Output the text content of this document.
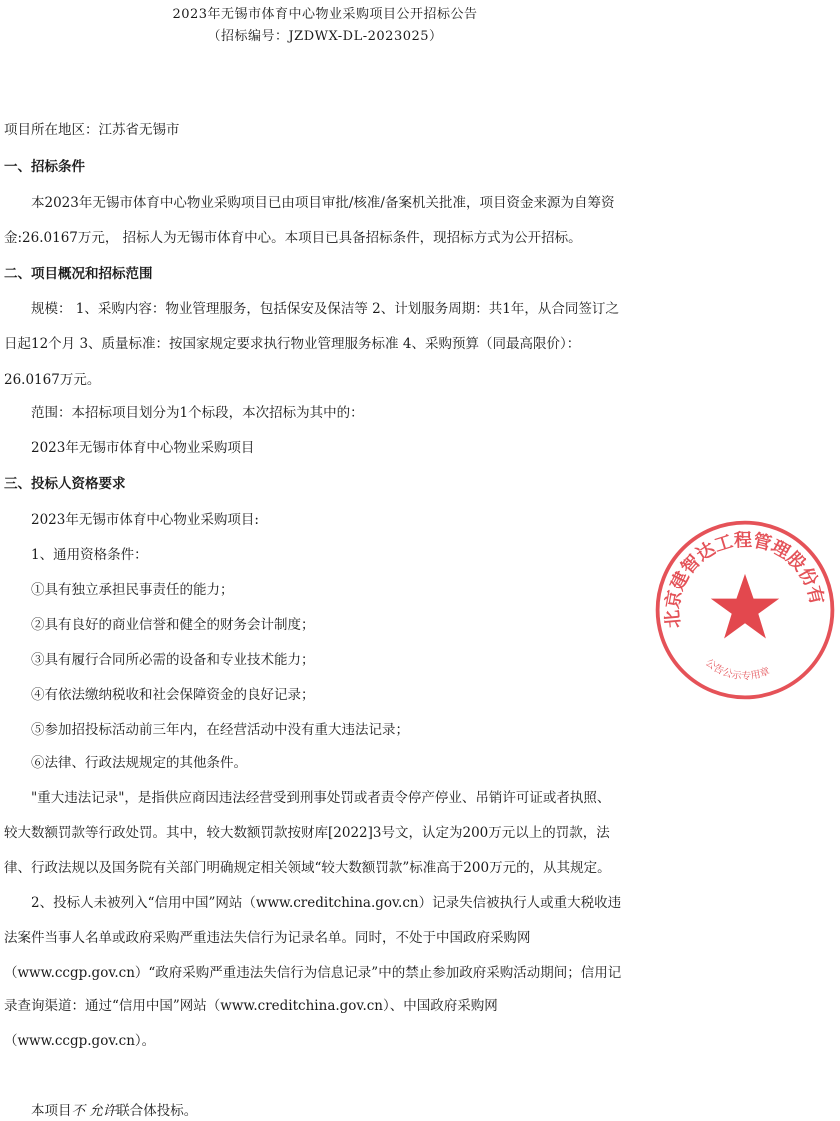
2023年无锡市体育中心物业采购项目公开招标公告
（招标编号：JZDWX-DL-2023025）
项目所在地区：江苏省无锡市
一、招标条件
本2023年无锡市体育中心物业采购项目已由项目审批/核准/备案机关批准，项目资金来源为自筹资
金:26.0167万元， 招标人为无锡市体育中心。本项目已具备招标条件，现招标方式为公开招标。
二、项目概况和招标范围
规模： 1、采购内容：物业管理服务，包括保安及保洁等 2、计划服务周期：共1年，从合同签订之
日起12个月 3、质量标准：按国家规定要求执行物业管理服务标准 4、采购预算（同最高限价）：
26.0167万元。
范围：本招标项目划分为1个标段，本次招标为其中的：
2023年无锡市体育中心物业采购项目
三、投标人资格要求
2023年无锡市体育中心物业采购项目:
1、通用资格条件：
①具有独立承担民事责任的能力；
②具有良好的商业信誉和健全的财务会计制度；
③具有履行合同所必需的设备和专业技术能力；
④有依法缴纳税收和社会保障资金的良好记录；
⑤参加招投标活动前三年内，在经营活动中没有重大违法记录；
⑥法律、行政法规规定的其他条件。
"重大违法记录"，是指供应商因违法经营受到刑事处罚或者责令停产停业、吊销许可证或者执照、
较大数额罚款等行政处罚。其中，较大数额罚款按财库[2022]3号文，认定为200万元以上的罚款，法
律、行政法规以及国务院有关部门明确规定相关领域“较大数额罚款”标准高于200万元的，从其规定。
2、投标人未被列入“信用中国”网站（www.creditchina.gov.cn）记录失信被执行人或重大税收违
法案件当事人名单或政府采购严重违法失信行为记录名单。同时，不处于中国政府采购网
（www.ccgp.gov.cn）“政府采购严重违法失信行为信息记录”中的禁止参加政府采购活动期间；信用记
录查询渠道：通过“信用中国”网站（www.creditchina.gov.cn）、中国政府采购网
（www.ccgp.gov.cn）。
本项目不 允许联合体投标。
北京建智达工程管理股份有
公告公示专用章
